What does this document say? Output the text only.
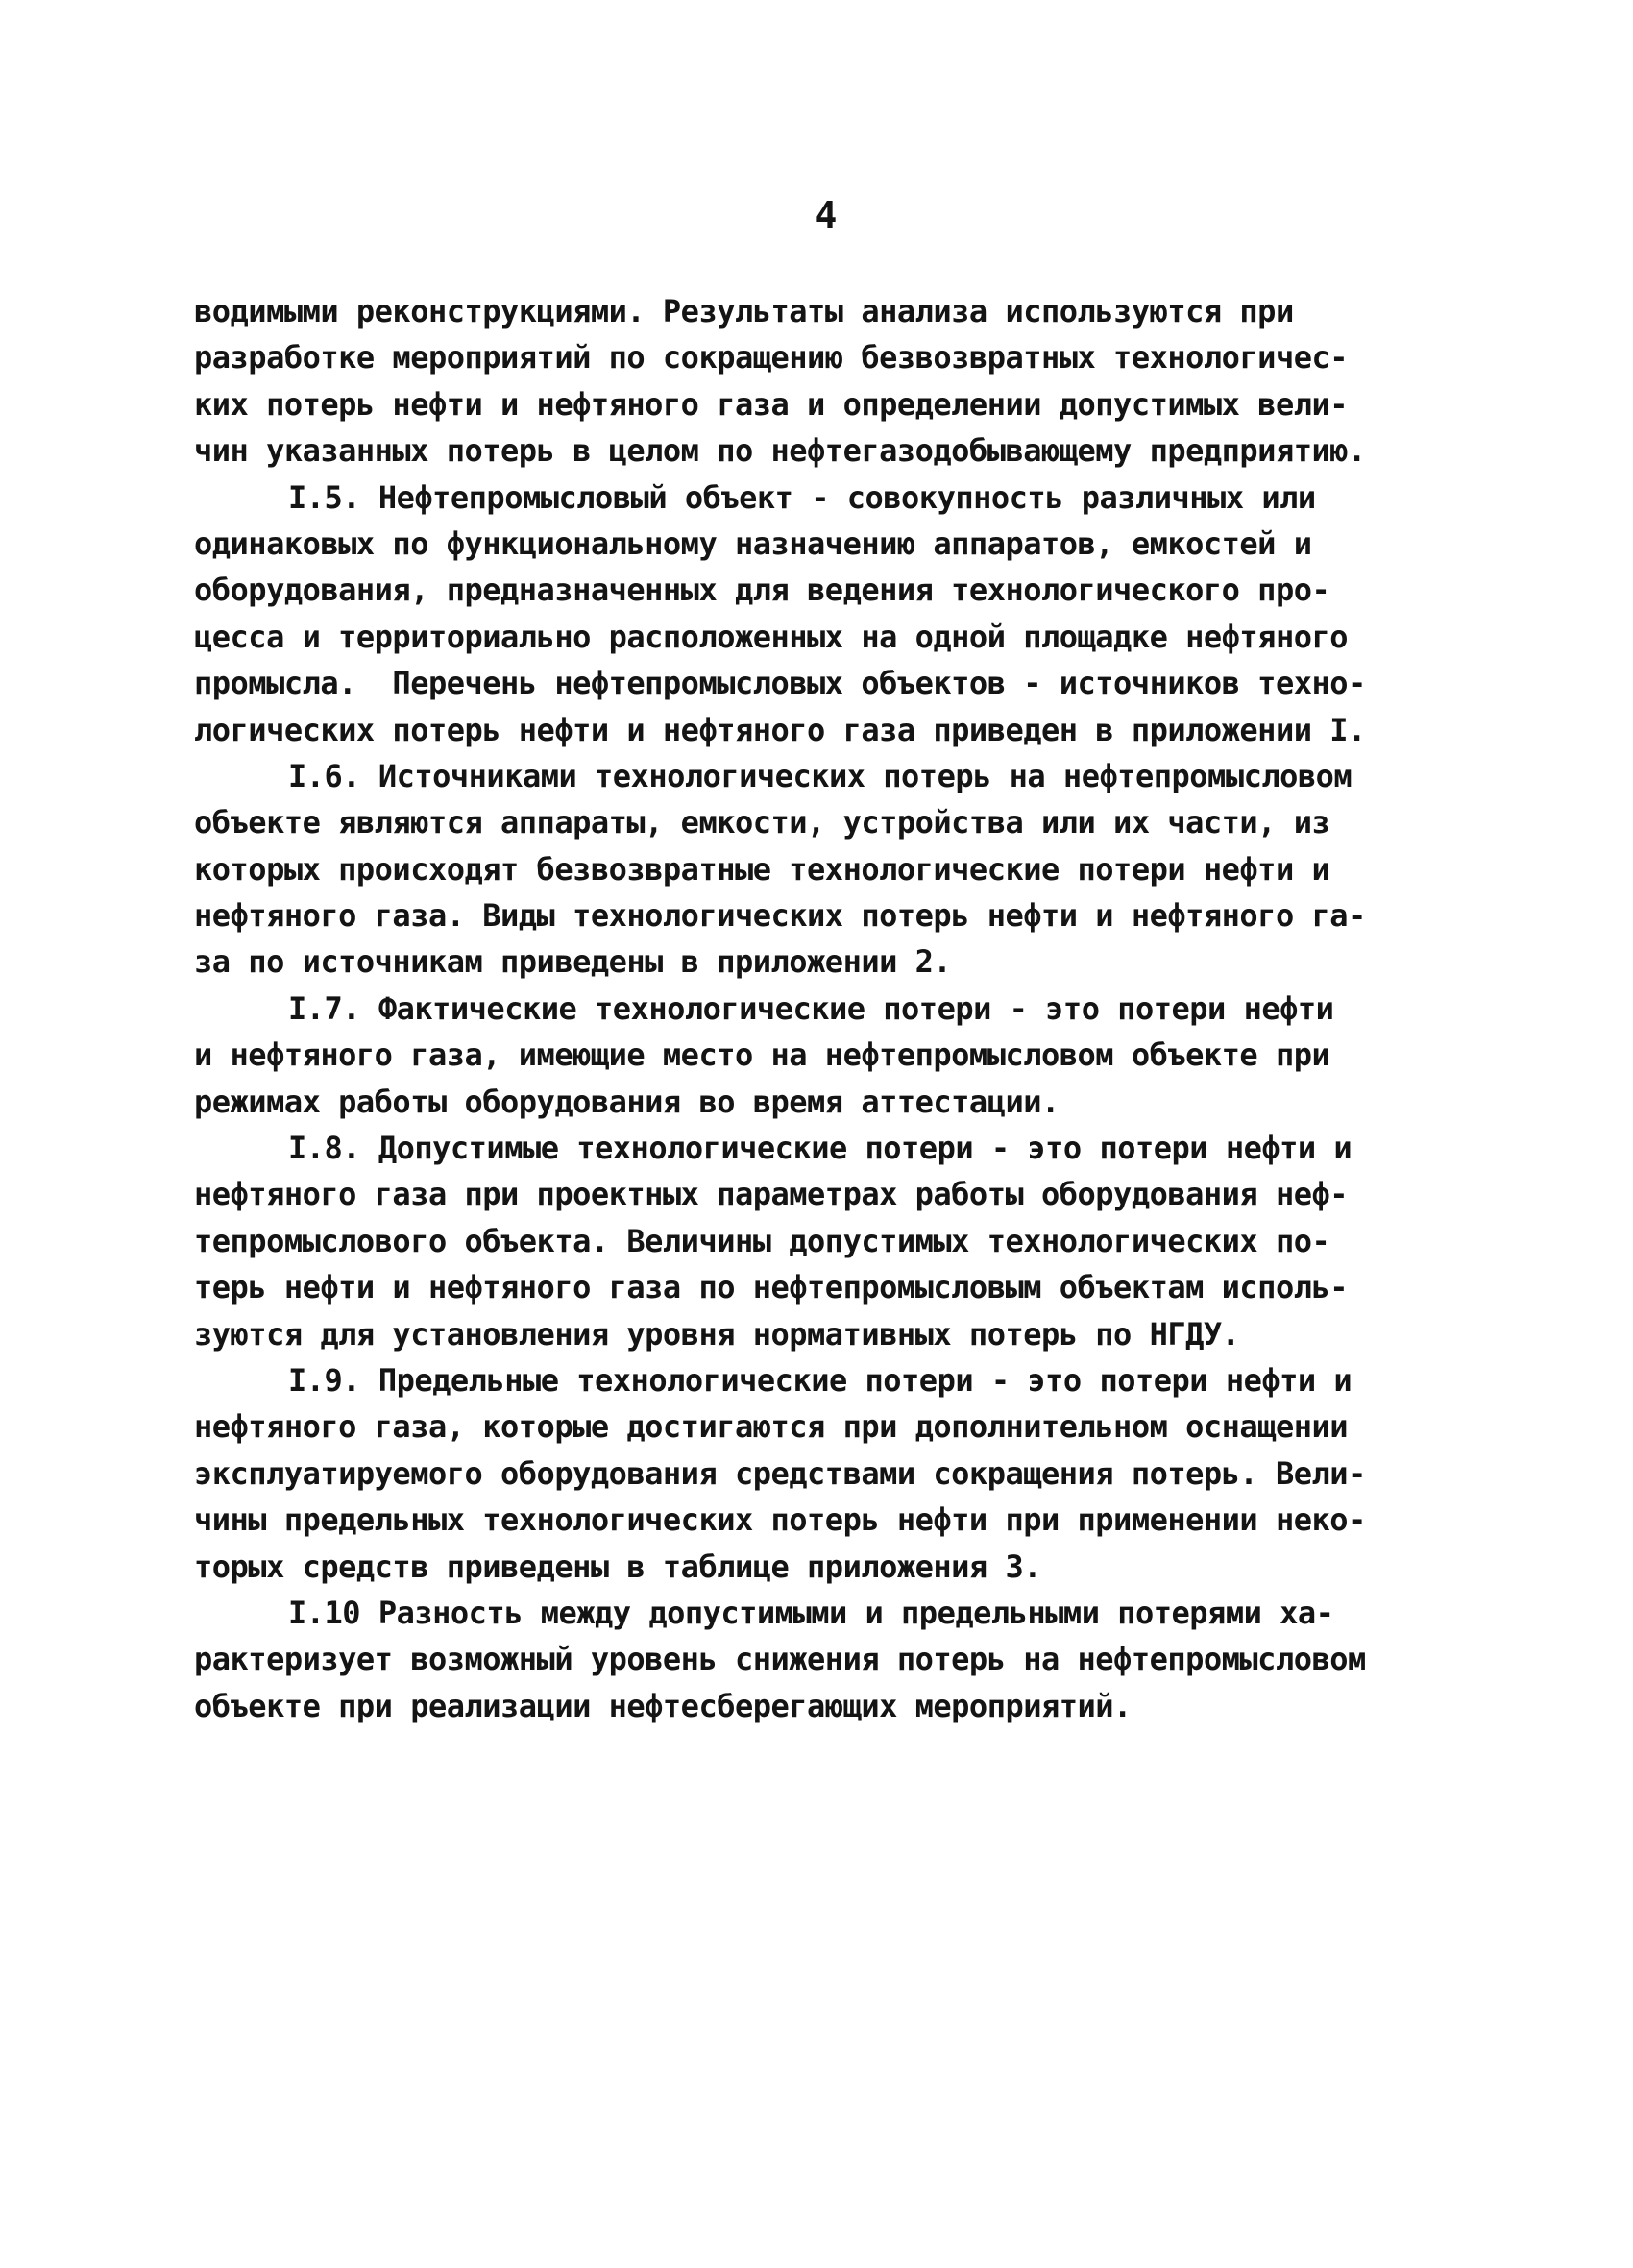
4
водимыми реконструкциями. Результаты анализа используются при
разработке мероприятий по сокращению безвозвратных технологичес-
ких потерь нефти и нефтяного газа и определении допустимых вели-
чин указанных потерь в целом по нефтегазодобывающему предприятию.
I.5. Нефтепромысловый объект - совокупность различных или
одинаковых по функциональному назначению аппаратов, емкостей и
оборудования, предназначенных для ведения технологического про-
цесса и территориально расположенных на одной площадке нефтяного
промысла.  Перечень нефтепромысловых объектов - источников техно-
логических потерь нефти и нефтяного газа приведен в приложении I.
I.6. Источниками технологических потерь на нефтепромысловом
объекте являются аппараты, емкости, устройства или их части, из
которых происходят безвозвратные технологические потери нефти и
нефтяного газа. Виды технологических потерь нефти и нефтяного га-
за по источникам приведены в приложении 2.
I.7. Фактические технологические потери - это потери нефти
и нефтяного газа, имеющие место на нефтепромысловом объекте при
режимах работы оборудования во время аттестации.
I.8. Допустимые технологические потери - это потери нефти и
нефтяного газа при проектных параметрах работы оборудования неф-
тепромыслового объекта. Величины допустимых технологических по-
терь нефти и нефтяного газа по нефтепромысловым объектам исполь-
зуются для установления уровня нормативных потерь по НГДУ.
I.9. Предельные технологические потери - это потери нефти и
нефтяного газа, которые достигаются при дополнительном оснащении
эксплуатируемого оборудования средствами сокращения потерь. Вели-
чины предельных технологических потерь нефти при применении неко-
торых средств приведены в таблице приложения 3.
I.10 Разность между допустимыми и предельными потерями ха-
рактеризует возможный уровень снижения потерь на нефтепромысловом
объекте при реализации нефтесберегающих мероприятий.
